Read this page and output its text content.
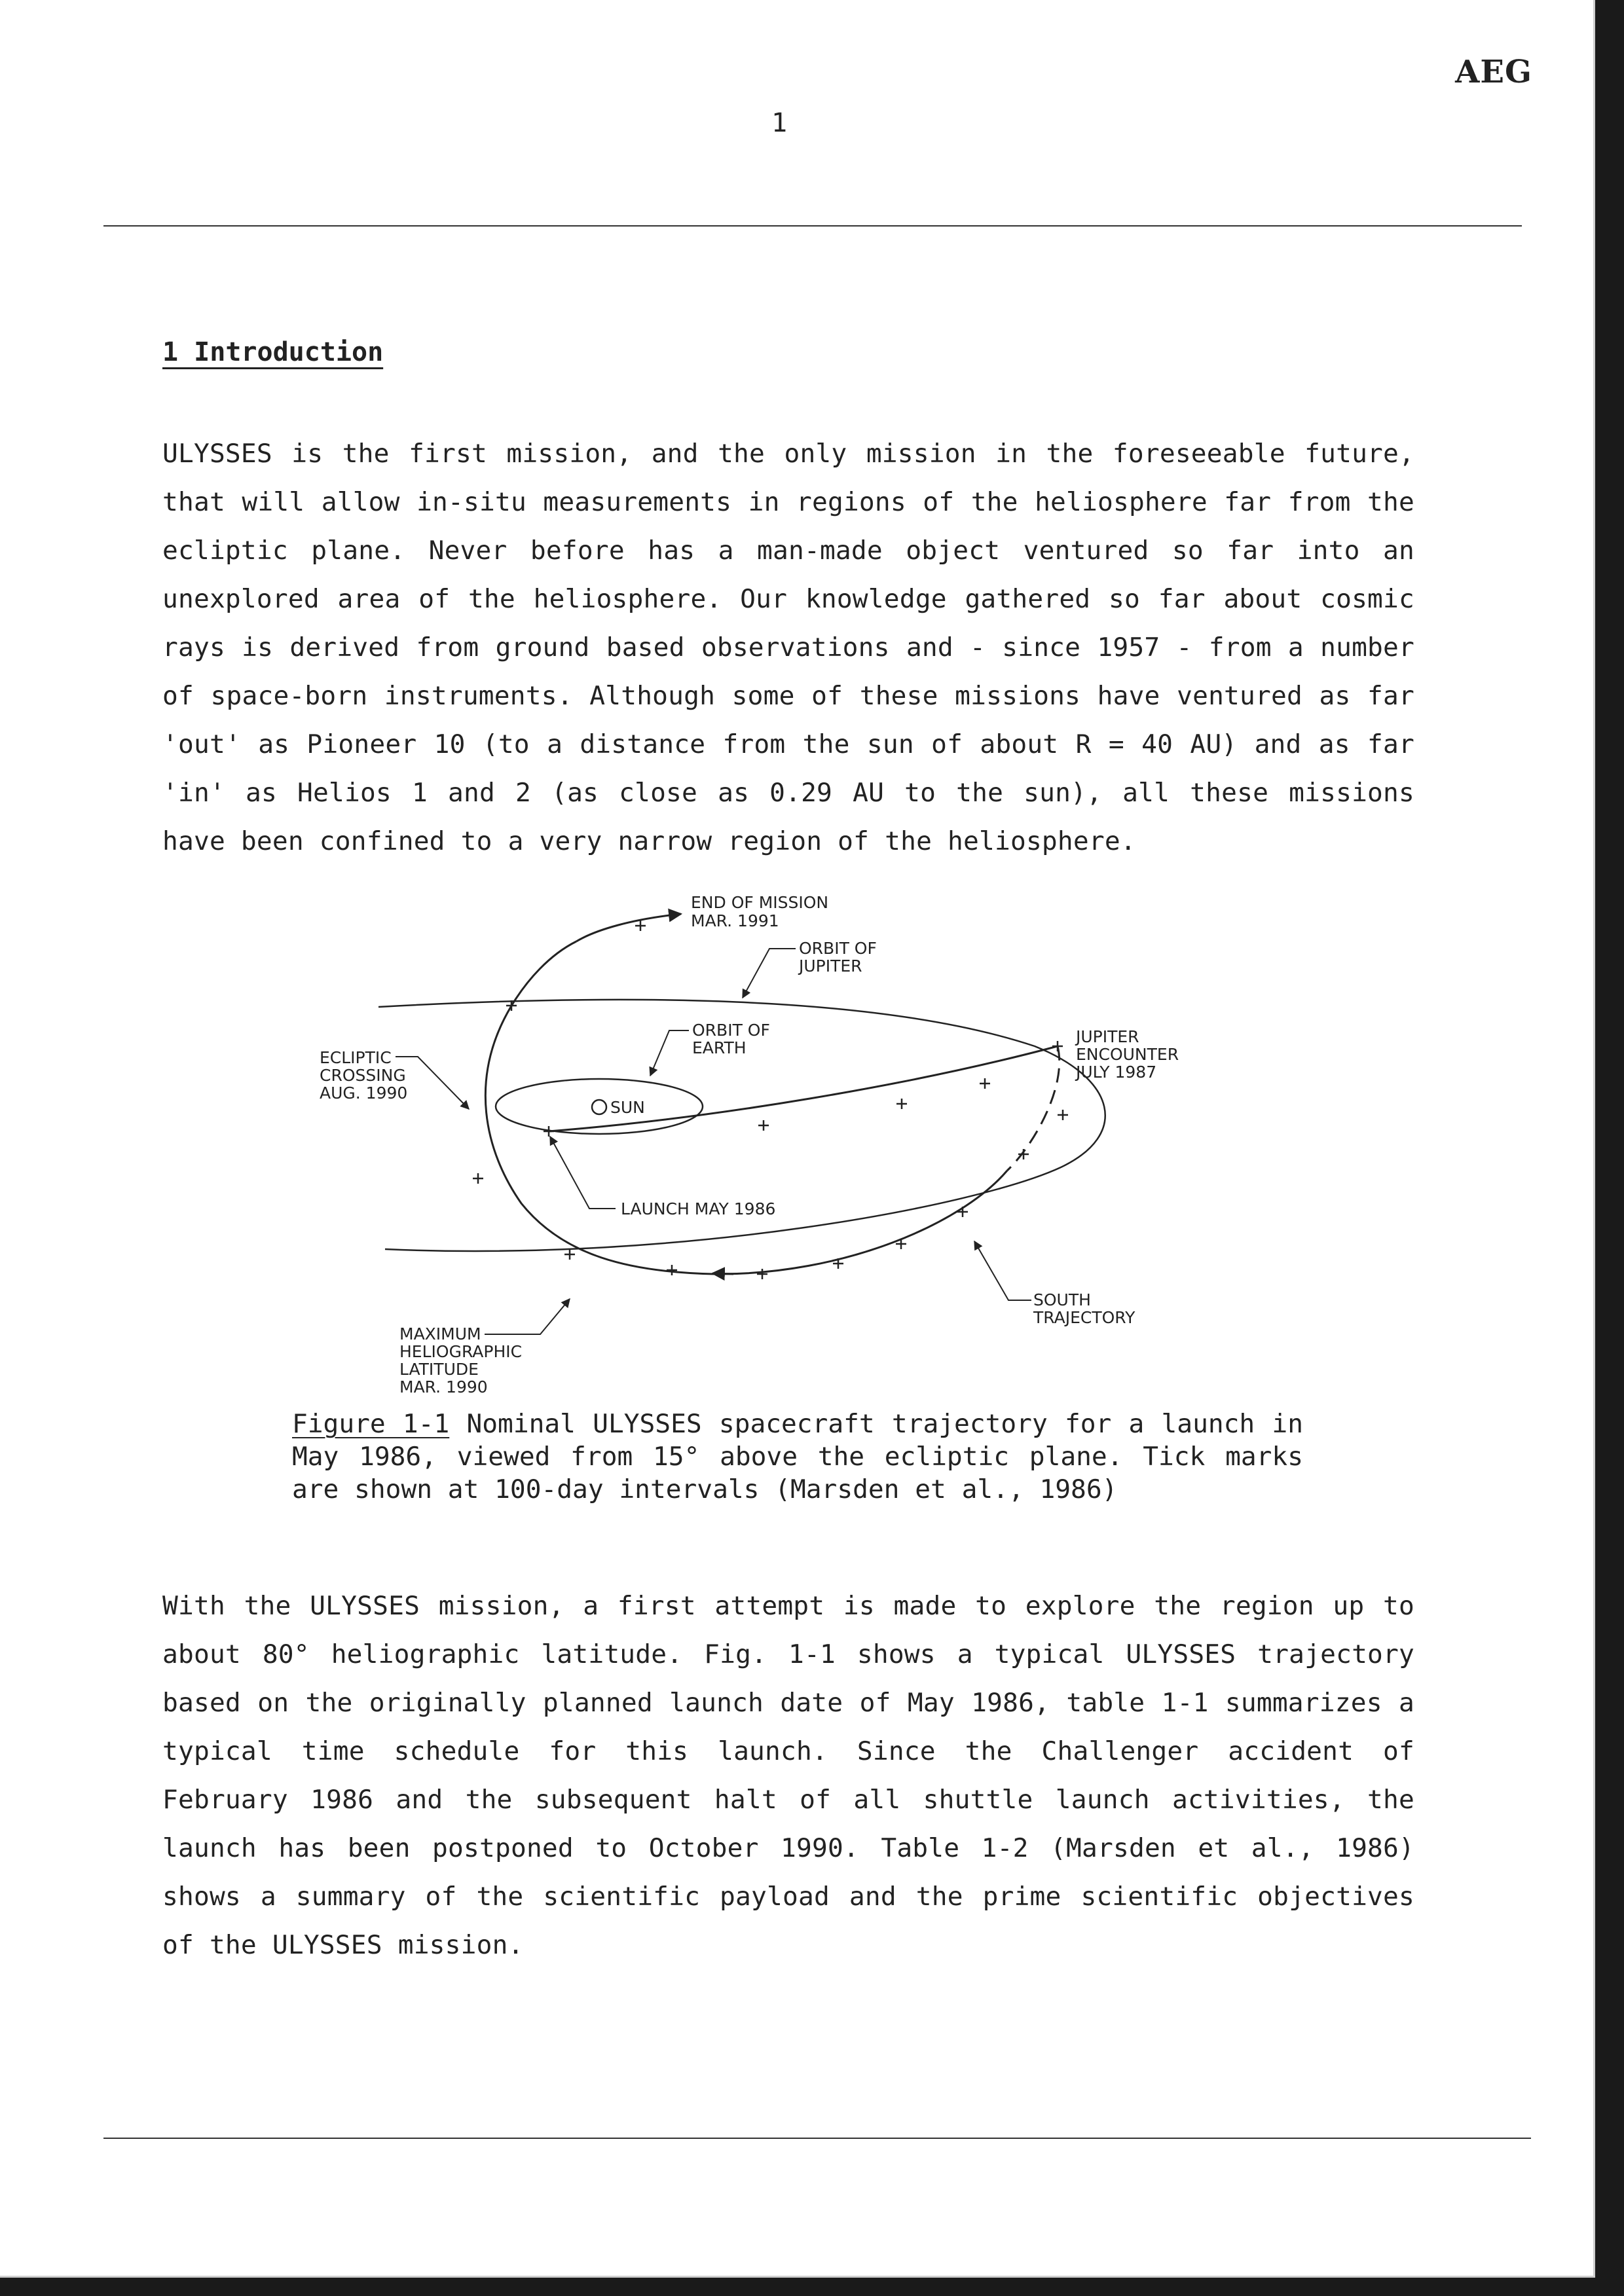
AEG
1
1 Introduction

ULYSSES is the first mission, and the only mission in the foreseeable future, that will allow in-situ measurements in regions of the heliosphere far from the ecliptic plane. Never before has a man-made object ventured so far into an unexplored area of the heliosphere. Our knowledge gathered so far about cosmic rays is derived from ground based observations and - since 1957 - from a number of space-born instruments. Although some of these missions have ventured as far 'out' as Pioneer 10 (to a distance from the sun of about R = 40 AU) and as far 'in' as Helios 1 and 2 (as close as 0.29 AU to the sun), all these missions have been confined to a very narrow region of the heliosphere.

END OF MISSION
MAR. 1991
ORBIT OF
JUPITER
ORBIT OF
EARTH
ECLIPTIC
CROSSING
AUG. 1990
SUN
JUPITER
ENCOUNTER
JULY 1987
LAUNCH MAY 1986
SOUTH
TRAJECTORY
MAXIMUM
HELIOGRAPHIC
LATITUDE
MAR. 1990
Figure 1-1 Nominal ULYSSES spacecraft trajectory for a launch in May 1986, viewed from 15° above the ecliptic plane. Tick marks are shown at 100-day intervals (Marsden et al., 1986)

With the ULYSSES mission, a first attempt is made to explore the region up to about 80° heliographic latitude. Fig. 1-1 shows a typical ULYSSES trajectory based on the originally planned launch date of May 1986, table 1-1 summarizes a typical time schedule for this launch. Since the Challenger accident of February 1986 and the subsequent halt of all shuttle launch activities, the launch has been postponed to October 1990. Table 1-2 (Marsden et al., 1986) shows a summary of the scientific payload and the prime scientific objectives of the ULYSSES mission.
